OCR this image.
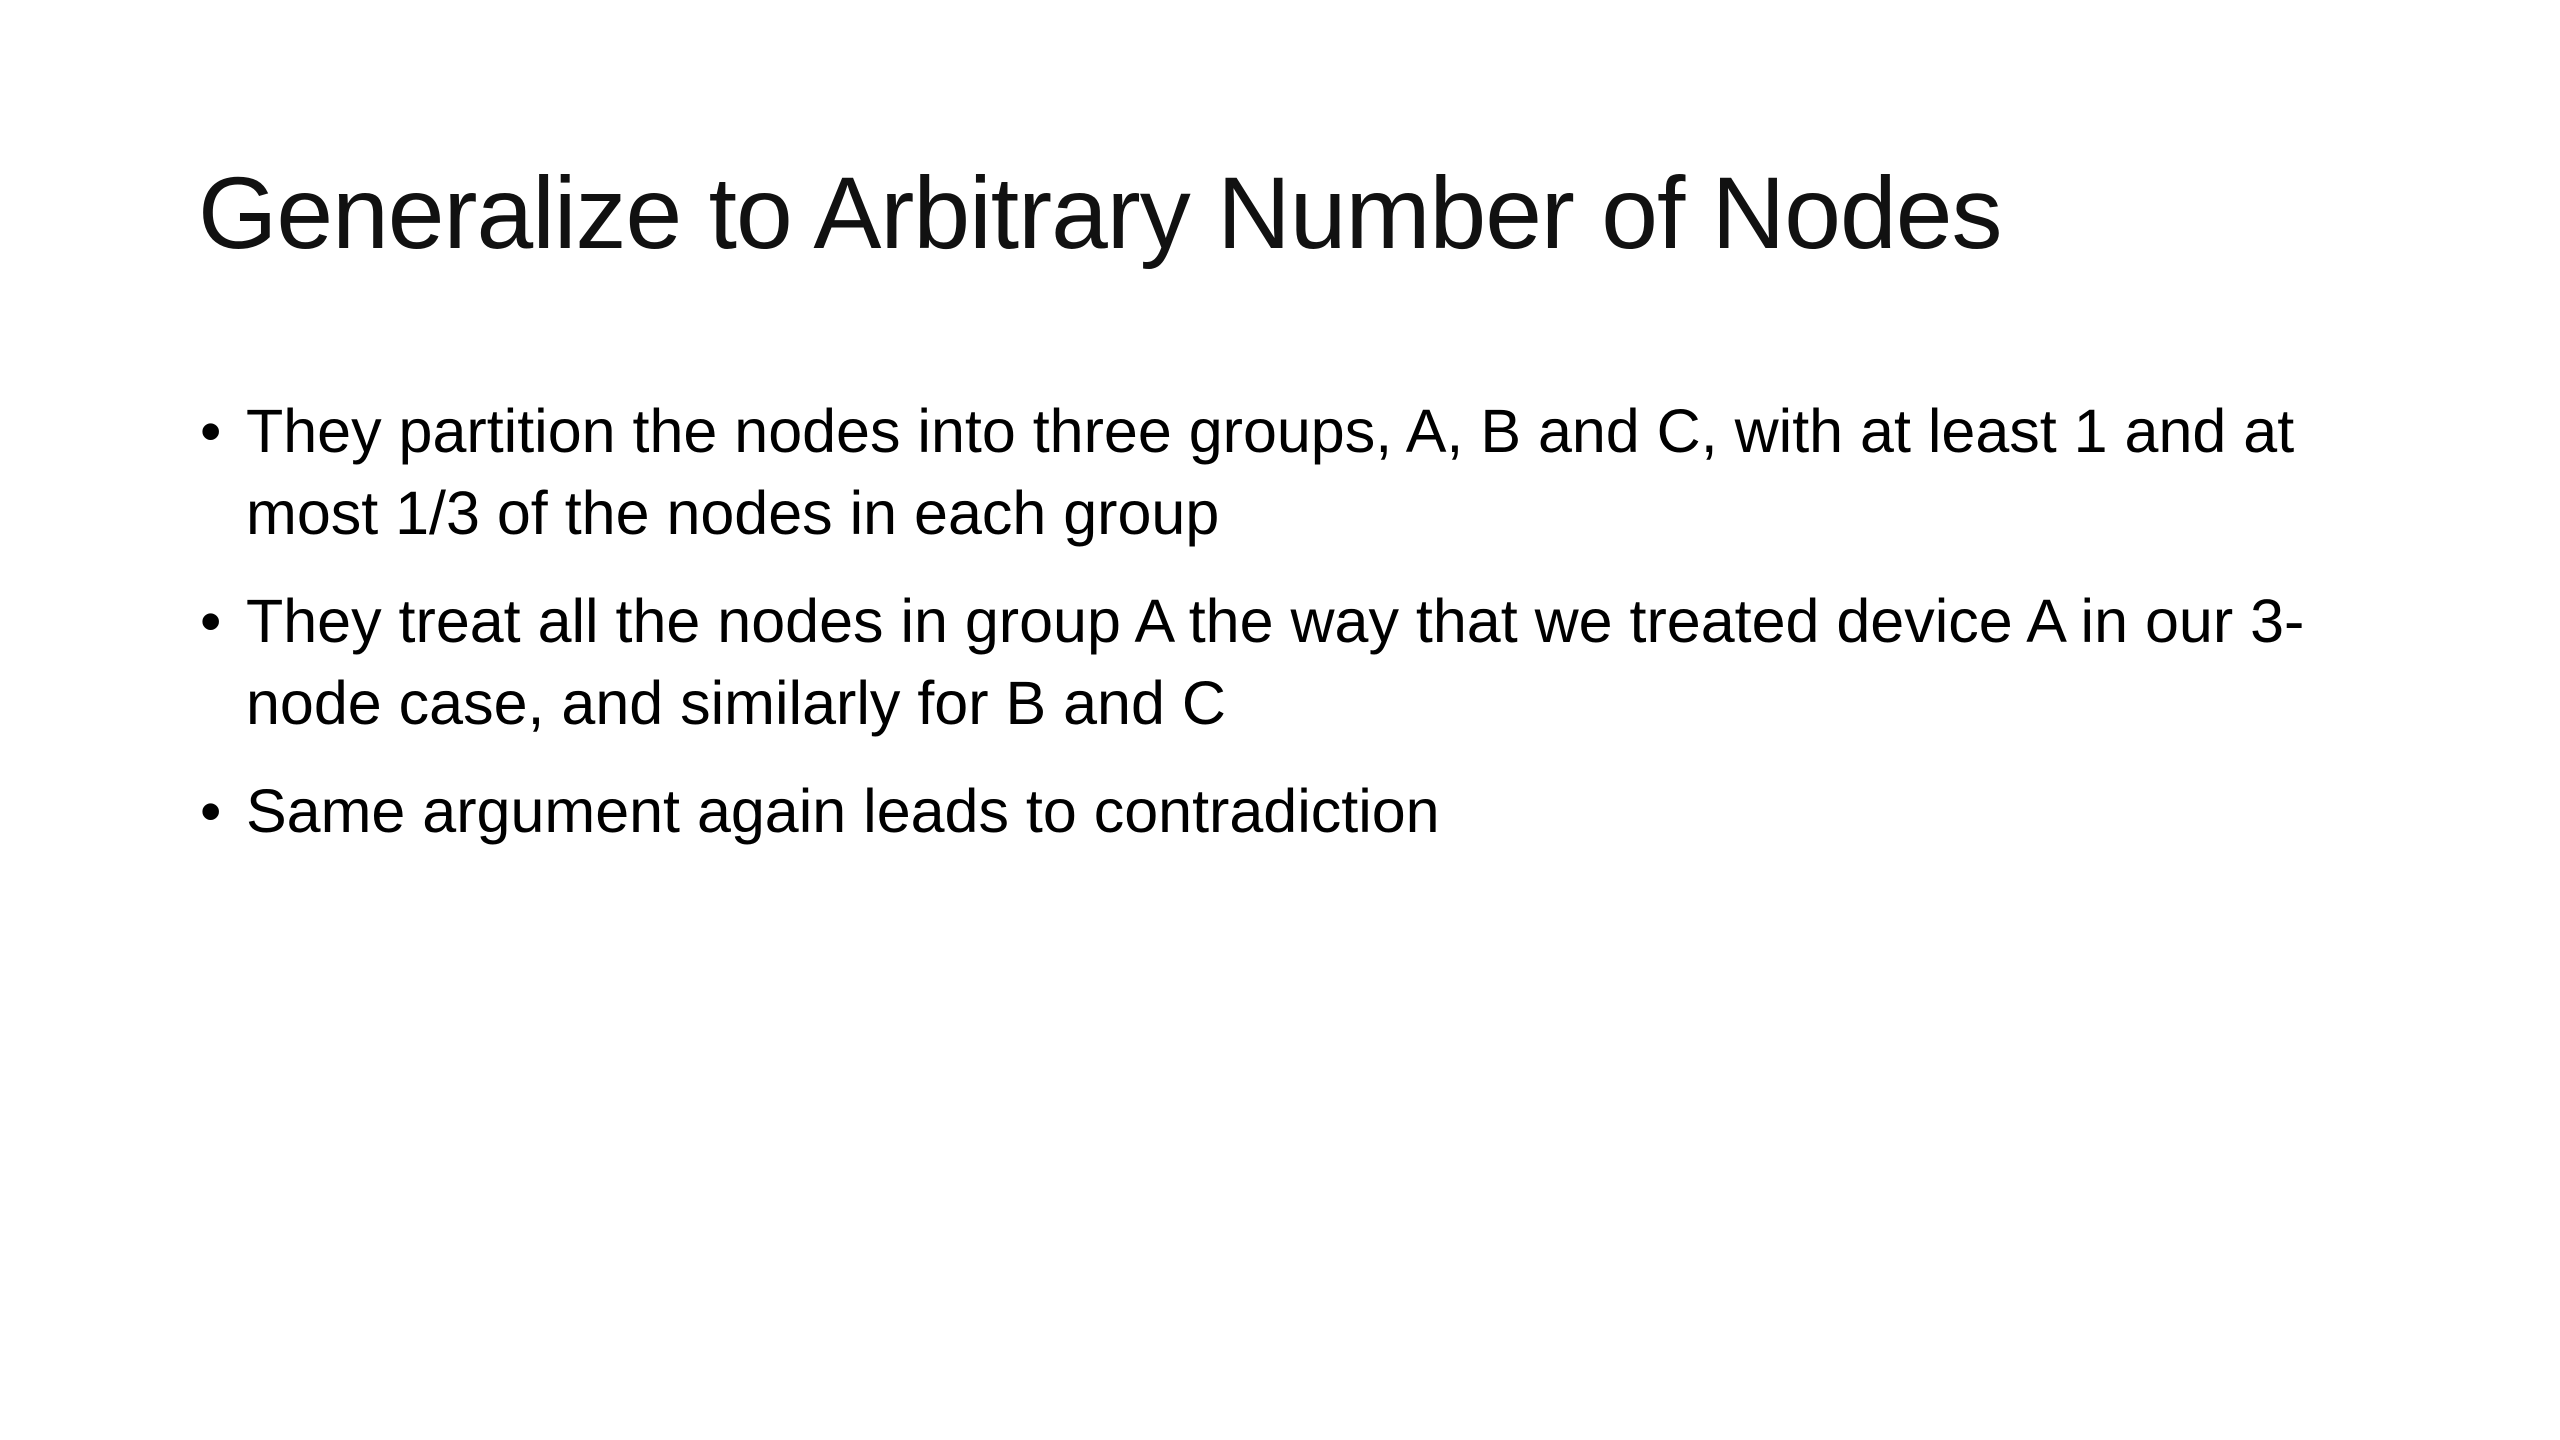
Generalize to Arbitrary Number of Nodes
• They partition the nodes into three groups, A, B and C, with at least 1 and at most 1/3 of the nodes in each group
• They treat all the nodes in group A the way that we treated device A in our 3-node case, and similarly for B and C
• Same argument again leads to contradiction
